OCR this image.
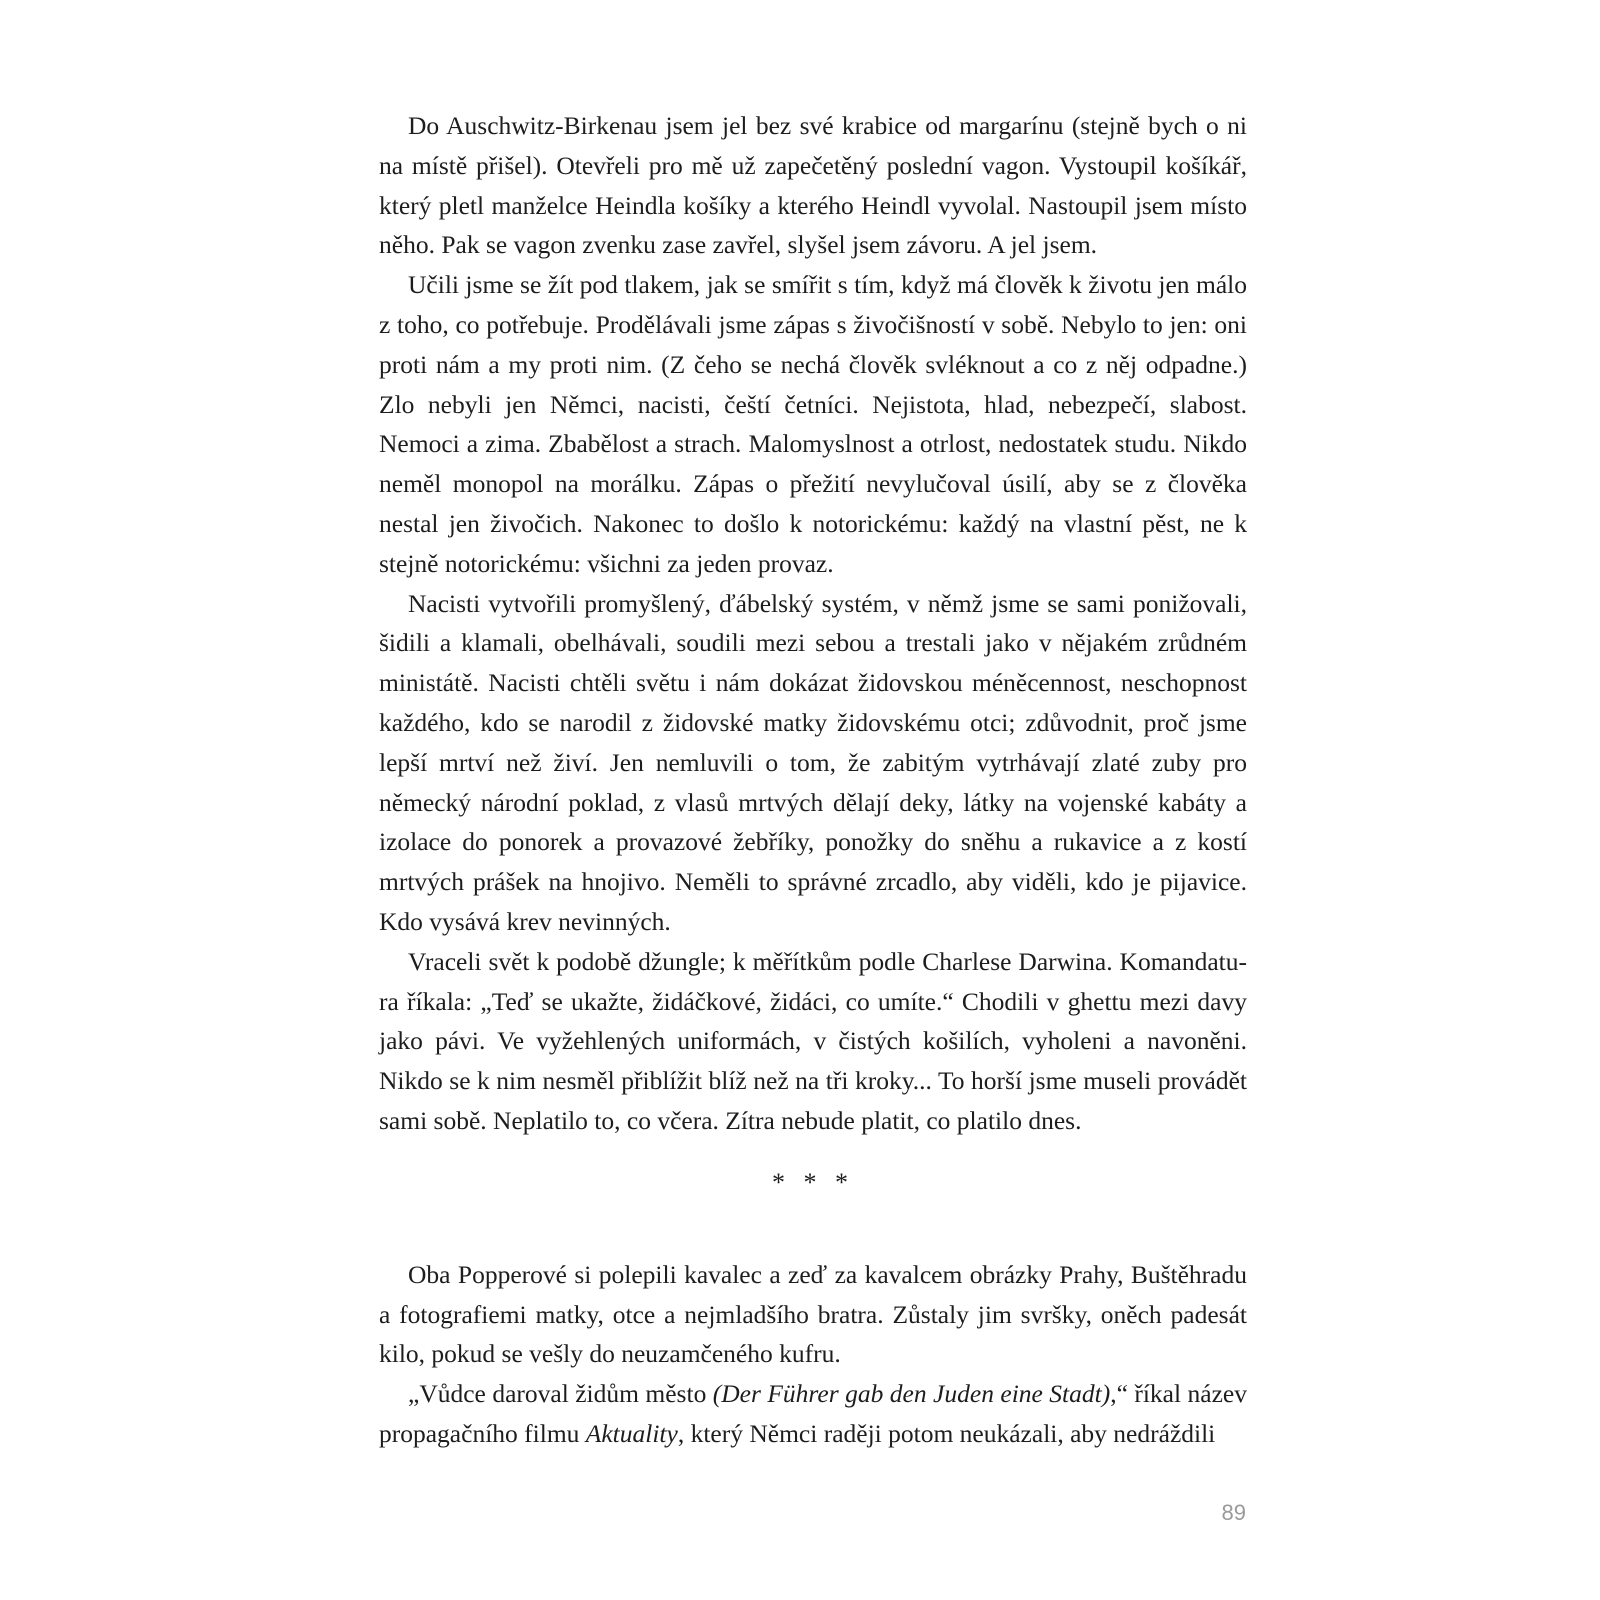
Do Auschwitz-Birkenau jsem jel bez své krabice od margarínu (stejně bych o ni na místě přišel). Otevřeli pro mě už zapečetěný poslední vagon. Vystoupil košíkář, který pletl manželce Heindla košíky a kterého Heindl vyvolal. Nastoupil jsem místo něho. Pak se vagon zvenku zase zavřel, slyšel jsem závoru. A jel jsem.

Učili jsme se žít pod tlakem, jak se smířit s tím, když má člověk k životu jen málo z toho, co potřebuje. Prodělávali jsme zápas s živočišností v sobě. Nebylo to jen: oni proti nám a my proti nim. (Z čeho se nechá člověk svléknout a co z něj odpadne.) Zlo nebyli jen Němci, nacisti, čeští četníci. Nejistota, hlad, nebezpečí, slabost. Nemoci a zima. Zbabělost a strach. Malomyslnost a otrlost, nedostatek studu. Nikdo neměl monopol na morálku. Zápas o přežití nevylučoval úsilí, aby se z člověka nestal jen živočich. Nakonec to došlo k notorickému: každý na vlastní pěst, ne k stejně notorickému: všichni za jeden provaz.

Nacisti vytvořili promyšlený, ďábelský systém, v němž jsme se sami ponižovali, šidili a klamali, obelhávali, soudili mezi sebou a trestali jako v nějakém zrůdném ministátě. Nacisti chtěli světu i nám dokázat židovskou méněcennost, neschopnost každého, kdo se narodil z židovské matky židovskému otci; zdůvodnit, proč jsme lepší mrtví než živí. Jen nemluvili o tom, že zabitým vytrhávají zlaté zuby pro německý národní poklad, z vlasů mrtvých dělají deky, látky na vojenské kabáty a izolace do ponorek a provazové žebříky, ponožky do sněhu a rukavice a z kostí mrtvých prášek na hnojivo. Neměli to správné zrcadlo, aby viděli, kdo je pijavice. Kdo vysává krev nevinných.

Vraceli svět k podobě džungle; k měřítkům podle Charlese Darwina. Komandatura říkala: „Teď se ukažte, židáčkové, židáci, co umíte.“ Chodili v ghettu mezi davy jako pávi. Ve vyžehlených uniformách, v čistých košilích, vyholeni a navoněni. Nikdo se k nim nesměl přiblížit blíž než na tři kroky... To horší jsme museli provádět sami sobě. Neplatilo to, co včera. Zítra nebude platit, co platilo dnes.

* * *

Oba Popperové si polepili kavalec a zeď za kavalcem obrázky Prahy, Buštěhradu a fotografiemi matky, otce a nejmladšího bratra. Zůstaly jim svršky, oněch padesát kilo, pokud se vešly do neuzamčeného kufru.

„Vůdce daroval židům město (Der Führer gab den Juden eine Stadt),“ říkal název propagačního filmu Aktuality, který Němci raději potom neukázali, aby nedráždili

89
